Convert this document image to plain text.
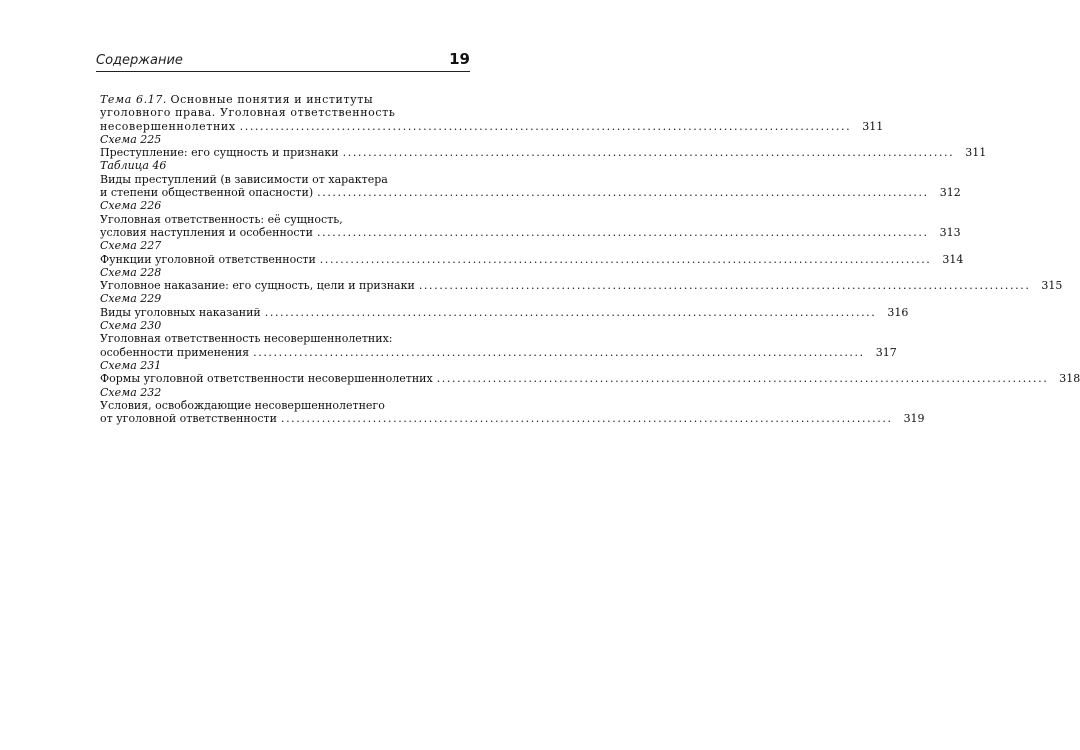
Содержание	19
Тема 6.17. Основные понятия и институты
уголовного права. Уголовная ответственность
несовершеннолетних ........................................................................................................................	311
Схема 225
Преступление: его сущность и признаки ........................................................................................................................	311
Таблица 46
Виды преступлений (в зависимости от характера
и степени общественной опасности) ........................................................................................................................	312
Схема 226
Уголовная ответственность: её сущность,
условия наступления и особенности ........................................................................................................................	313
Схема 227
Функции уголовной ответственности ........................................................................................................................	314
Схема 228
Уголовное наказание: его сущность, цели и признаки ........................................................................................................................	315
Схема 229
Виды уголовных наказаний ........................................................................................................................	316
Схема 230
Уголовная ответственность несовершеннолетних:
особенности применения ........................................................................................................................	317
Схема 231
Формы уголовной ответственности несовершеннолетних ........................................................................................................................	318
Схема 232
Условия, освобождающие несовершеннолетнего
от уголовной ответственности ........................................................................................................................	319
